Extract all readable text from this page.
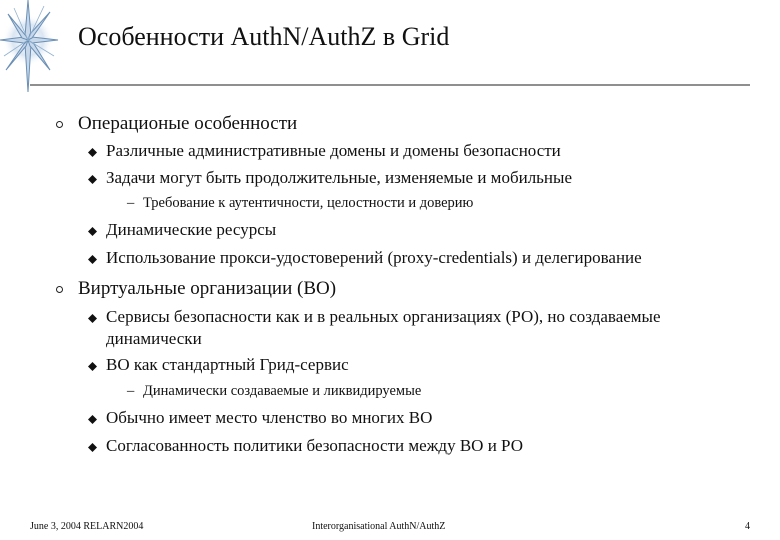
Особенности AuthN/AuthZ в Grid
Операционые особенности
Различные административные домены и домены безопасности
Задачи могут быть продолжительные, изменяемые и мобильные
– Требование к аутентичности, целостности и доверию
Динамические ресурсы
Использование прокси-удостоверений (proxy-credentials) и делегирование
Виртуальные организации (ВО)
Сервисы безопасности как и в реальных организациях (РО), но создаваемые
динамически
ВО как стандартный Грид-сервис
– Динамически создаваемые и ликвидируемые
Обычно имеет место членство во многих ВО
Согласованность политики безопасности между ВО и РО
June 3, 2004 RELARN2004	Interorganisational AuthN/AuthZ	4
